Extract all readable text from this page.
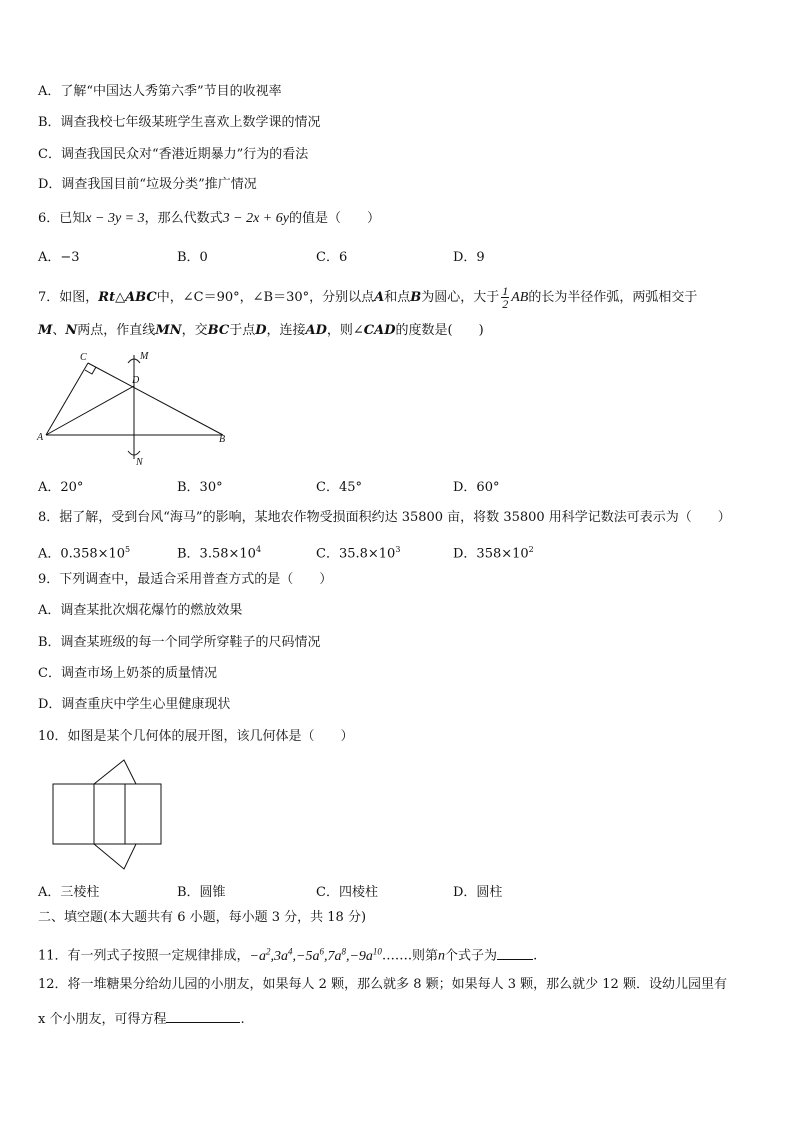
A．了解“中国达人秀第六季”节目的收视率
B．调查我校七年级某班学生喜欢上数学课的情况
C．调查我国民众对“香港近期暴力”行为的看法
D．调查我国目前“垃圾分类”推广情况
6．已知x − 3y = 3，那么代数式3 − 2x + 6y的值是（　　）
A．−3	B．0	C．6	D．9
7．如图，Rt△ABC中，∠C＝90°，∠B＝30°，分别以点A和点B为圆心，大于 $\frac{1}{2}$ AB的长为半径作弧，两弧相交于
M、N两点，作直线MN，交BC于点D，连接AD，则∠CAD的度数是(　　)
C	M
D
A	B
N
A．20°	B．30°	C．45°	D．60°
8．据了解，受到台风“海马”的影响，某地农作物受损面积约达 35800 亩，将数 35800 用科学记数法可表示为（　　）
A．$0.358\times 10^5$	B．$3.58\times 10^4$	C．$35.8\times 10^3$	D．$358\times 10^2$
9．下列调查中，最适合采用普查方式的是（　　）
A．调查某批次烟花爆竹的燃放效果
B．调查某班级的每一个同学所穿鞋子的尺码情况
C．调查市场上奶茶的质量情况
D．调查重庆中学生心里健康现状
10．如图是某个几何体的展开图，该几何体是（　　）
A．三棱柱	B．圆锥	C．四棱柱	D．圆柱
二、填空题(本大题共有 6 小题，每小题 3 分，共 18 分)
11．有一列式子按照一定规律排成，$-a^2,3a^4,-5a^6,7a^8,-9a^{10}\dots\dots$.则第n个式子为	.
12．将一堆糖果分给幼儿园的小朋友，如果每人 2 颗，那么就多 8 颗；如果每人 3 颗，那么就少 12 颗．设幼儿园里有
x 个小朋友，可得方程	.
